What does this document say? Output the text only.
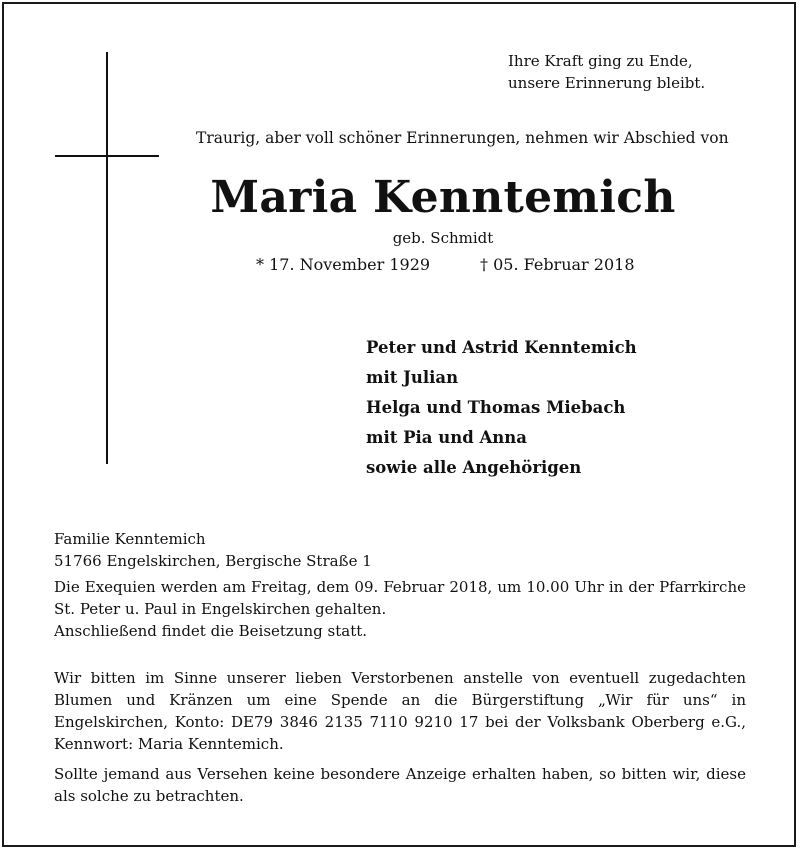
Ihre Kraft ging zu Ende,
unsere Erinnerung bleibt.
Traurig, aber voll schöner Erinnerungen, nehmen wir Abschied von
Maria Kenntemich
geb. Schmidt
* 17. November 1929	† 05. Februar 2018
Peter und Astrid Kenntemich
mit Julian
Helga und Thomas Miebach
mit Pia und Anna
sowie alle Angehörigen
Familie Kenntemich
51766 Engelskirchen, Bergische Straße 1
Die Exequien werden am Freitag, dem 09. Februar 2018, um 10.00 Uhr in der Pfarrkirche St. Peter u. Paul in Engelskirchen gehalten.
Anschließend findet die Beisetzung statt.
Wir bitten im Sinne unserer lieben Verstorbenen anstelle von eventuell zugedachten Blumen und Kränzen um eine Spende an die Bürgerstiftung „Wir für uns“ in Engelskirchen, Konto: DE79 3846 2135 7110 9210 17 bei der Volksbank Oberberg e.G., Kennwort: Maria Kenntemich.
Sollte jemand aus Versehen keine besondere Anzeige erhalten haben, so bitten wir, diese als solche zu betrachten.
